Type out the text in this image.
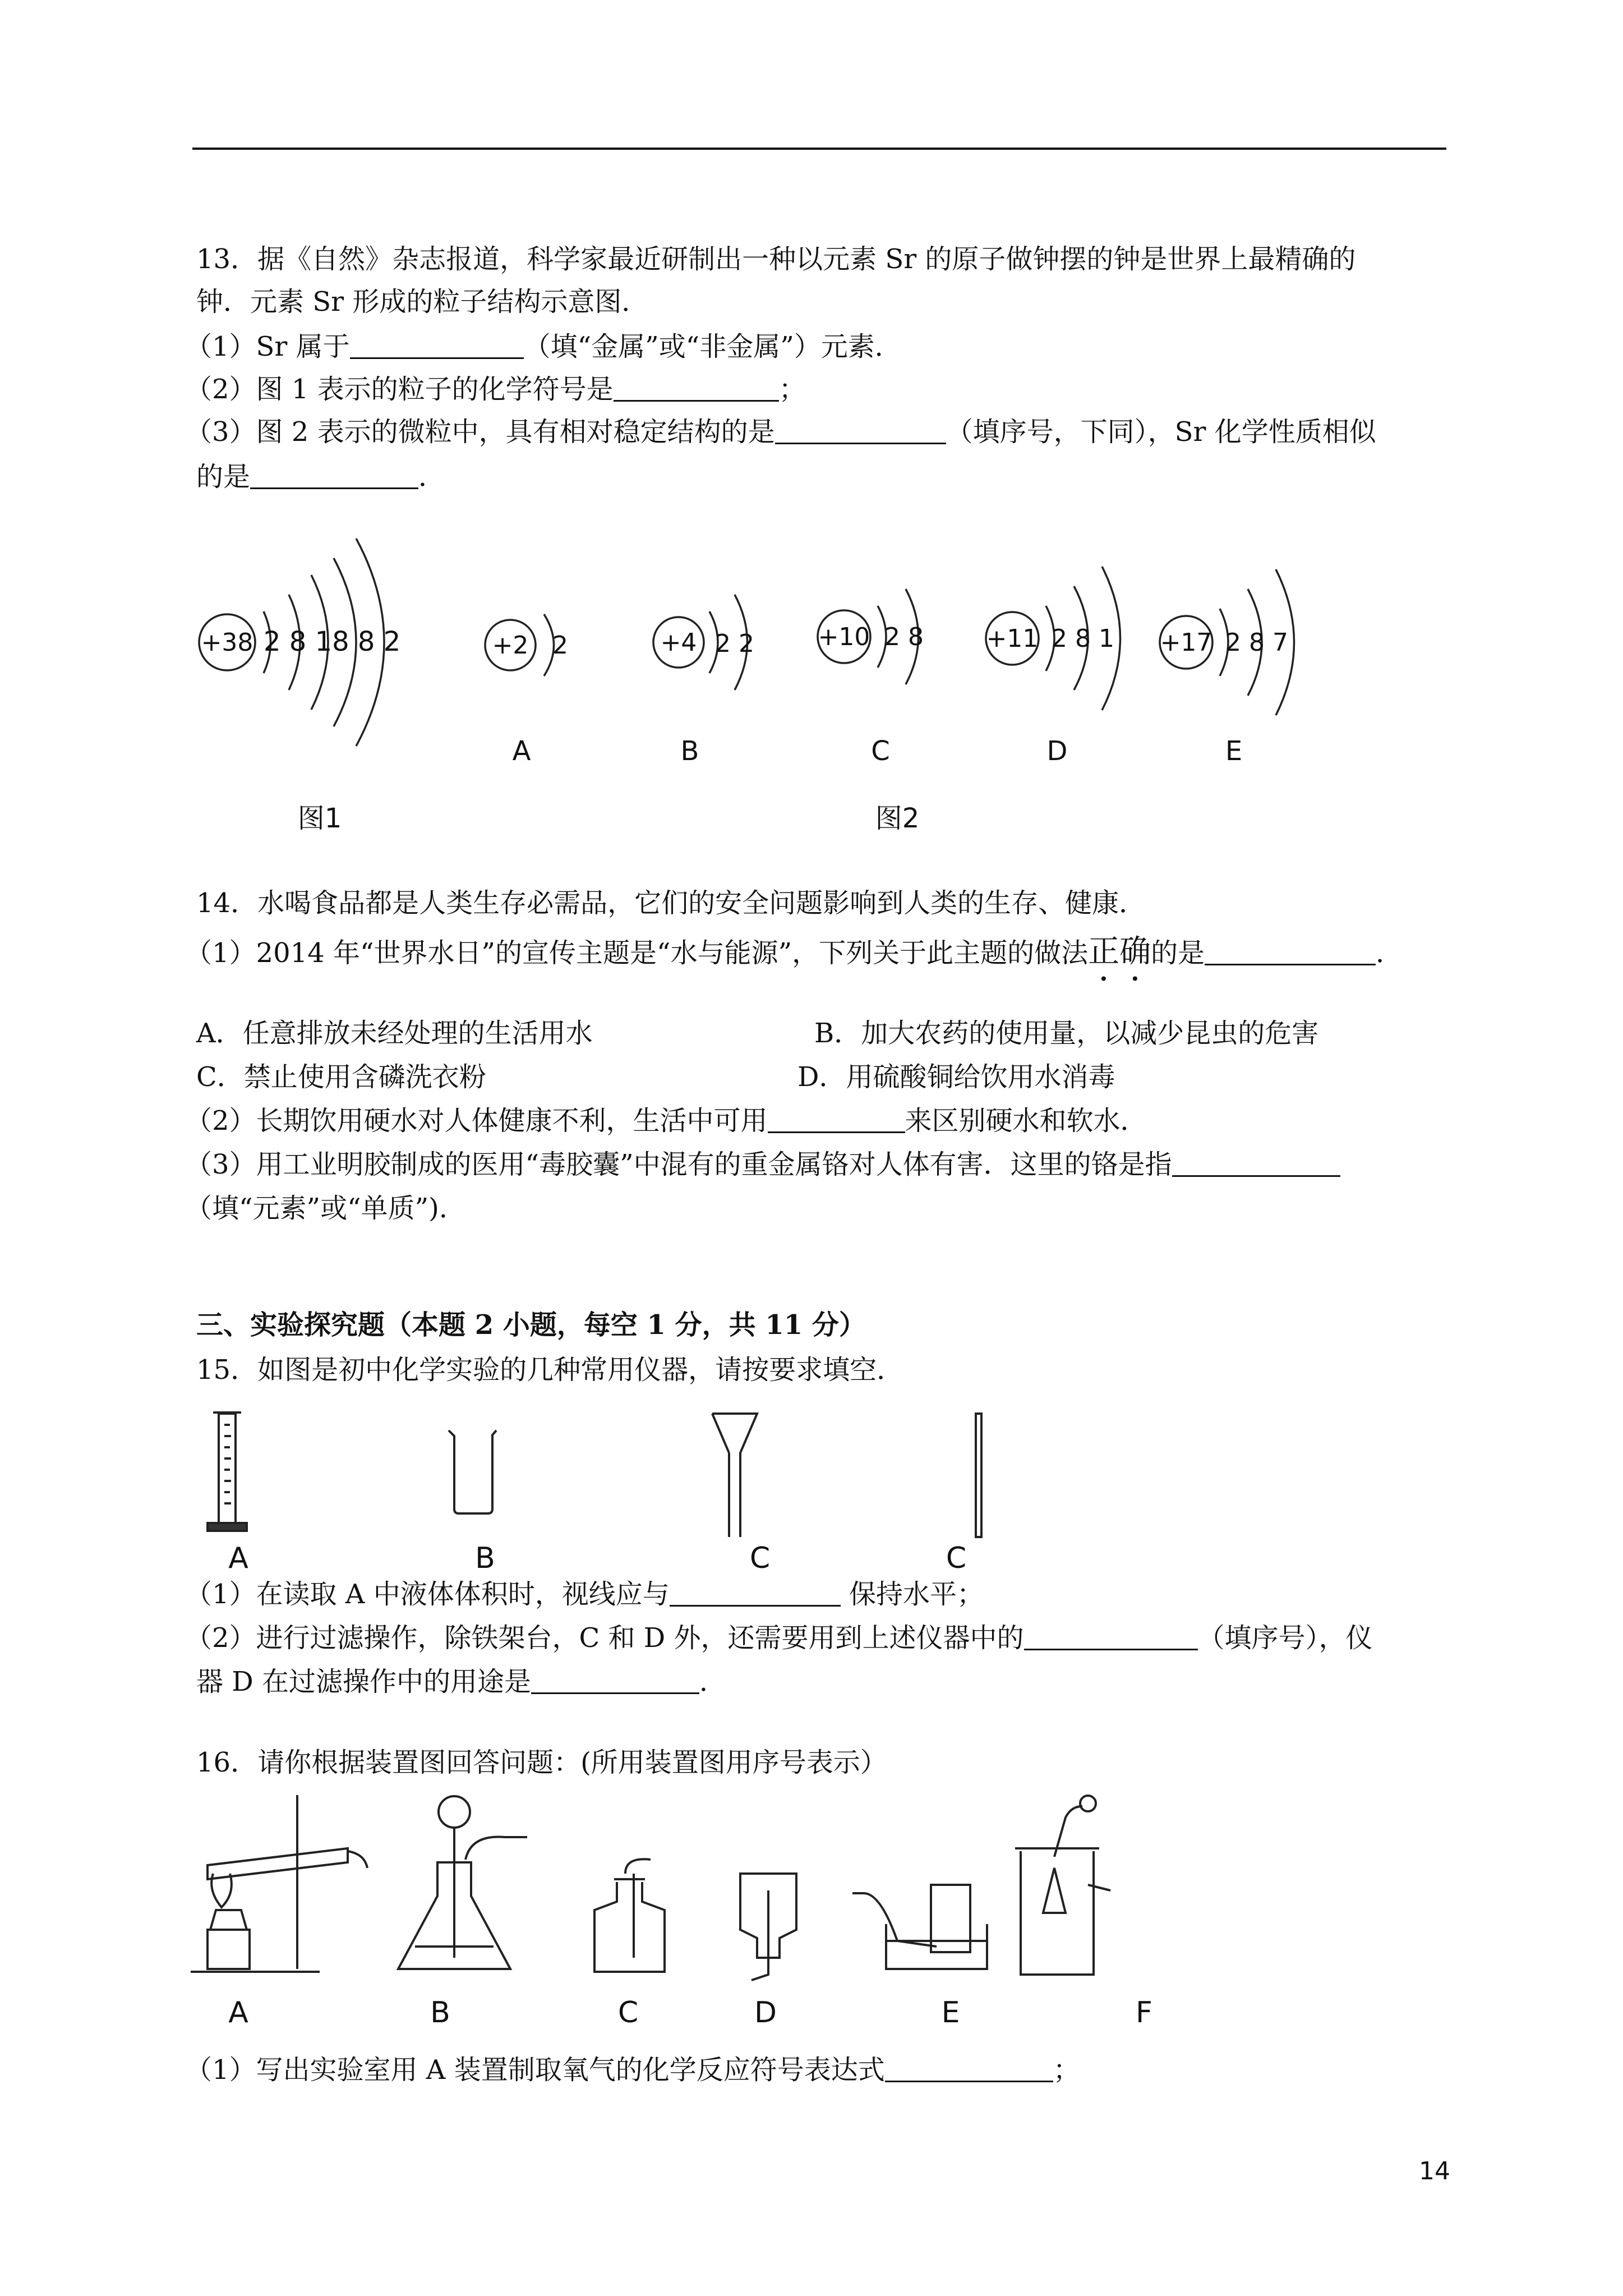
13．据《自然》杂志报道，科学家最近研制出一种以元素 Sr 的原子做钟摆的钟是世界上最精确的
钟．元素 Sr 形成的粒子结构示意图．
（1）Sr 属于	（填“金属”或“非金属”）元素．
（2）图 1 表示的粒子的化学符号是	；
（3）图 2 表示的微粒中，具有相对稳定结构的是	（填序号，下同），Sr 化学性质相似
的是	．
+38 2 8 18 8 2	+2 2	+4 2 2	+10 2 8	+11 2 8 1 +17 2 8 7
A	B	C	D	E
图1	图2
14．水喝食品都是人类生存必需品，它们的安全问题影响到人类的生存、健康．
（1）2014 年“世界水日”的宣传主题是“水与能源”，下列关于此主题的做法正确的是	．
A．任意排放未经处理的生活用水	B．加大农药的使用量，以减少昆虫的危害
C．禁止使用含磷洗衣粉	D．用硫酸铜给饮用水消毒
（2）长期饮用硬水对人体健康不利，生活中可用	来区别硬水和软水．
（3）用工业明胶制成的医用“毒胶囊”中混有的重金属铬对人体有害．这里的铬是指
（填“元素”或“单质”)．
三、实验探究题（本题 2 小题，每空 1 分，共 11 分）
15．如图是初中化学实验的几种常用仪器，请按要求填空．
A	B	C	C
（1）在读取 A 中液体体积时，视线应与	保持水平；
（2）进行过滤操作，除铁架台，C 和 D 外，还需要用到上述仪器中的	（填序号），仪
器 D 在过滤操作中的用途是	．
16．请你根据装置图回答问题：(所用装置图用序号表示）
A	B	C	D	E	F
（1）写出实验室用 A 装置制取氧气的化学反应符号表达式	；
14
